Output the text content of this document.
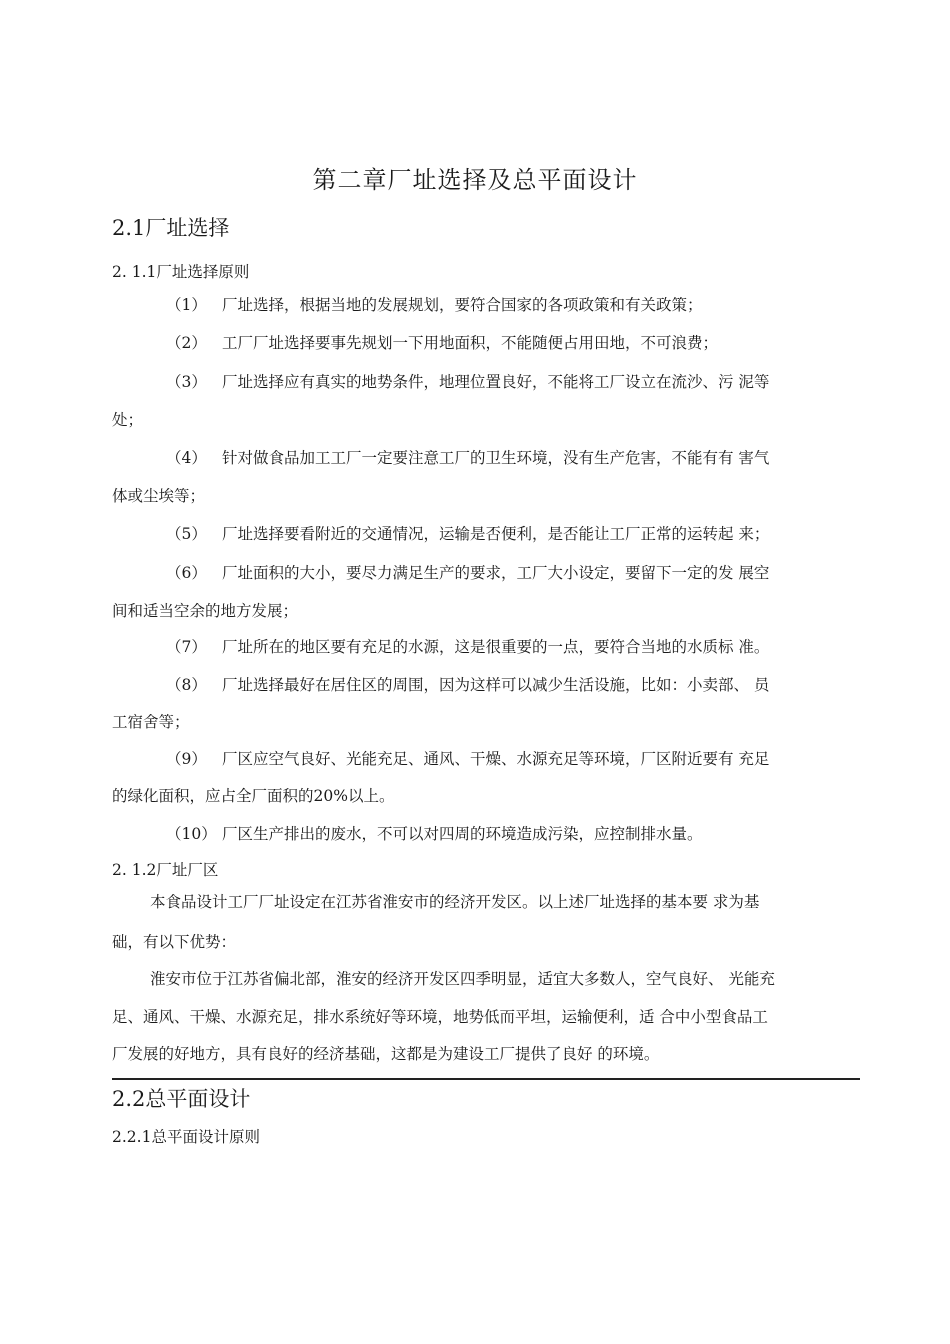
第二章厂址选择及总平面设计
2.1厂址选择
2. 1.1厂址选择原则
（1） 厂址选择，根据当地的发展规划，要符合国家的各项政策和有关政策；
（2） 工厂厂址选择要事先规划一下用地面积，不能随便占用田地，不可浪费；
（3） 厂址选择应有真实的地势条件，地理位置良好，不能将工厂设立在流沙、污 泥等
处；
（4） 针对做食品加工工厂一定要注意工厂的卫生环境，没有生产危害，不能有有 害气
体或尘埃等；
（5） 厂址选择要看附近的交通情况，运输是否便利，是否能让工厂正常的运转起 来；
（6） 厂址面积的大小，要尽力满足生产的要求，工厂大小设定，要留下一定的发 展空
间和适当空余的地方发展；
（7） 厂址所在的地区要有充足的水源，这是很重要的一点，要符合当地的水质标 准。
（8） 厂址选择最好在居住区的周围，因为这样可以减少生活设施，比如：小卖部、 员
工宿舍等；
（9） 厂区应空气良好、光能充足、通风、干燥、水源充足等环境，厂区附近要有 充足
的绿化面积，应占全厂面积的20%以上。
（10） 厂区生产排出的废水，不可以对四周的环境造成污染，应控制排水量。
2. 1.2厂址厂区
本食品设计工厂厂址设定在江苏省淮安市的经济开发区。以上述厂址选择的基本要 求为基
础，有以下优势：
淮安市位于江苏省偏北部，淮安的经济开发区四季明显，适宜大多数人，空气良好、 光能充
足、通风、干燥、水源充足，排水系统好等环境，地势低而平坦，运输便利，适 合中小型食品工
厂发展的好地方，具有良好的经济基础，这都是为建设工厂提供了良好 的环境。
2.2总平面设计
2.2.1总平面设计原则
